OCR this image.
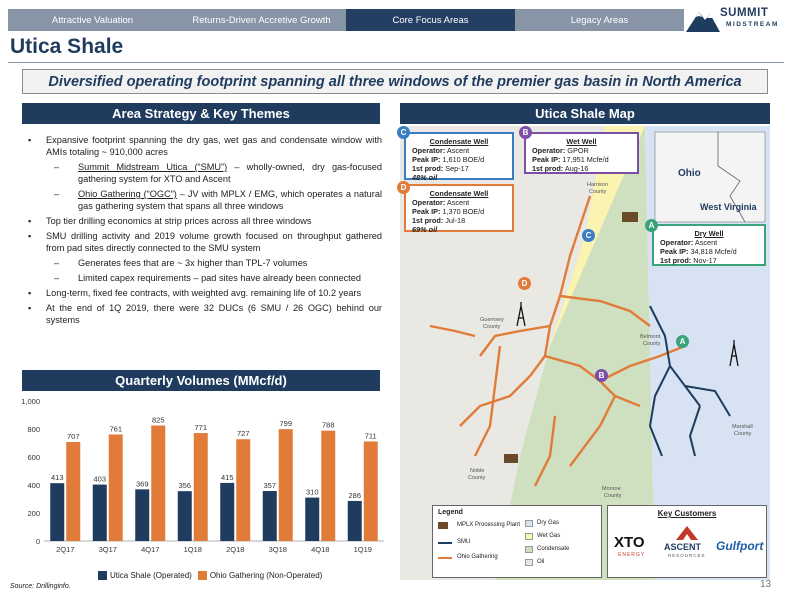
Attractive Valuation	Returns-Driven Accretive Growth	Core Focus Areas	Legacy Areas
SUMMIT
MIDSTREAM
Utica Shale
Diversified operating footprint spanning all three windows of the premier gas basin in North America
Area Strategy & Key Themes
▪ Expansive footprint spanning the dry gas, wet gas and condensate window with AMIs totaling ~ 910,000 acres
– Summit Midstream Utica (“SMU”) – wholly-owned, dry gas-focused gathering system for XTO and Ascent
– Ohio Gathering (“OGC”) – JV with MPLX / EMG, which operates a natural gas gathering system that spans all three windows
▪ Top tier drilling economics at strip prices across all three windows
▪ SMU drilling activity and 2019 volume growth focused on throughput gathered from pad sites directly connected to the SMU system
– Generates fees that are ~ 3x higher than TPL-7 volumes
– Limited capex requirements – pad sites have already been connected
▪ Long-term, fixed fee contracts, with weighted avg. remaining life of 10.2 years
▪ At the end of 1Q 2019, there were 32 DUCs (6 SMU / 26 OGC) behind our systems
Quarterly Volumes (MMcf/d)
0
200
400
600
800
1,000
413
707
2Q17
403
761
3Q17
369
825
4Q17
356
771
1Q18
415
727
2Q18
357
799
3Q18
310
788
4Q18
286
711
1Q19
Utica Shale (Operated)	Ohio Gathering (Non-Operated)
Utica Shale Map
Ohio
West Virginia
Harrison
County
Guernsey
County
Belmont
County
Noble
County
Monroe
County
Marshall
County
Condensate Well
Operator: Ascent
Peak IP: 1,610 BOE/d
1st prod: Sep-17
48% oil
C
Wet Well
Operator: GPOR
Peak IP: 17,951 Mcfe/d
1st prod: Aug-16
B
Condensate Well
Operator: Ascent
Peak IP: 1,370 BOE/d
1st prod: Jul-18
69% oil
D
Dry Well
Operator: Ascent
Peak IP: 34,818 Mcfe/d
1st prod: Nov-17
A
C
B
D
A
Legend
MPLX Processing Plant
SMU
Ohio Gathering
Dry Gas
Wet Gas
Condensate
Oil
Key Customers
XTO
ENERGY
ASCENT
RESOURCES
Gulfport
Source: Drillinginfo.	13
